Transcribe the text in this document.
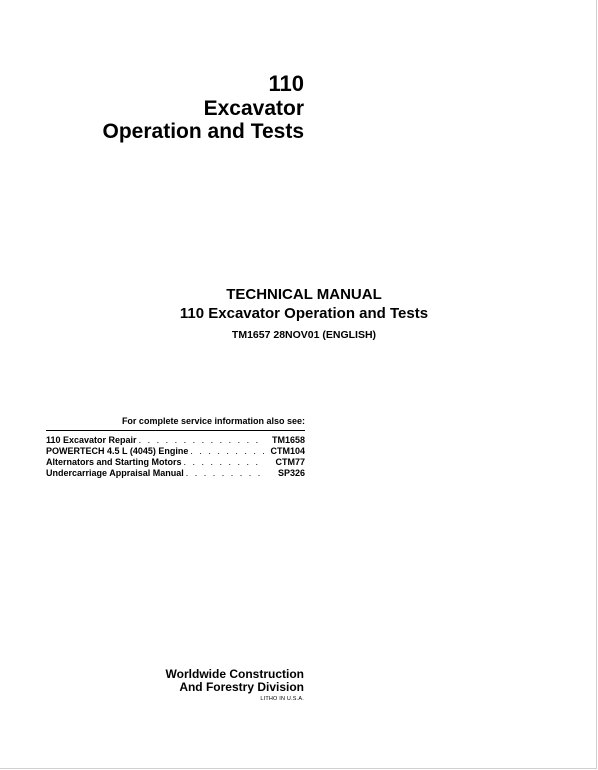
110
Excavator
Operation and Tests
TECHNICAL MANUAL
110 Excavator Operation and Tests
TM1657 28NOV01 (ENGLISH)
For complete service information also see:
110 Excavator Repair . . .	TM1658
POWERTECH 4.5 L (4045) Engine . . .	CTM104
Alternators and Starting Motors . . .	CTM77
Undercarriage Appraisal Manual . . .	SP326
Worldwide Construction
And Forestry Division
LITHO IN U.S.A.
